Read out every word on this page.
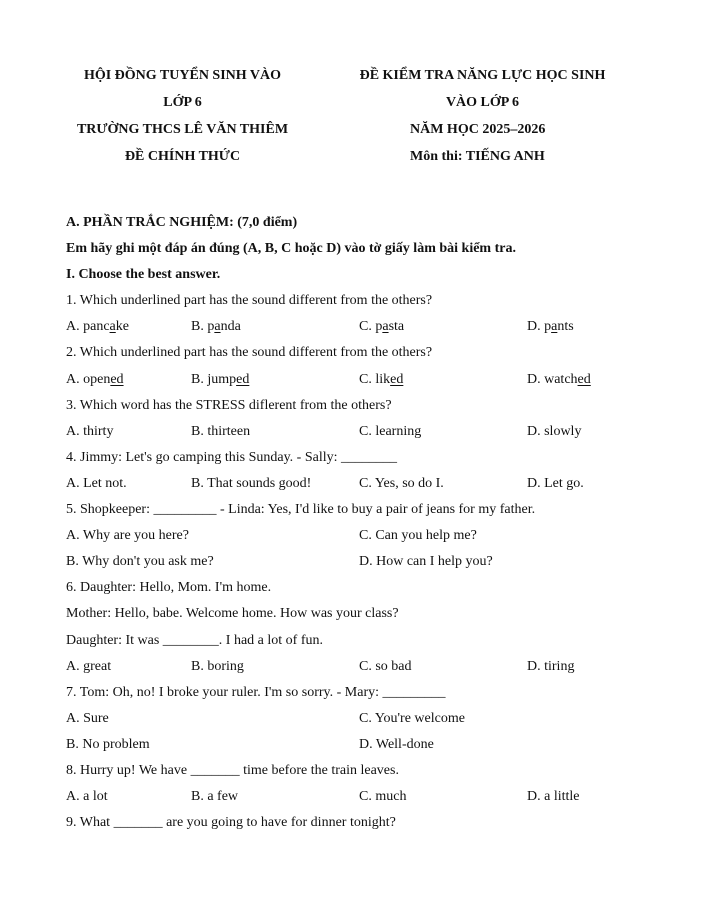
HỘI ĐỒNG TUYỂN SINH VÀO
LỚP 6
TRƯỜNG THCS LÊ VĂN THIÊM
ĐỀ CHÍNH THỨC
ĐỀ KIỂM TRA NĂNG LỰC HỌC SINH
VÀO LỚP 6
NĂM HỌC 2025–2026
Môn thi: TIẾNG ANH
A. PHẦN TRẮC NGHIỆM: (7,0 điểm)
Em hãy ghi một đáp án đúng (A, B, C hoặc D) vào tờ giấy làm bài kiểm tra.
I. Choose the best answer.
1. Which underlined part has the sound different from the others?
A. pancake	B. panda	C. pasta	D. pants
2. Which underlined part has the sound different from the others?
A. opened	B. jumped	C. liked	D. watched
3. Which word has the STRESS diflerent from the others?
A. thirty	B. thirteen	C. learning	D. slowly
4. Jimmy: Let's go camping this Sunday. - Sally: ________
A. Let not.	B. That sounds good!	C. Yes, so do I.	D. Let go.
5. Shopkeeper: _________ - Linda: Yes, I'd like to buy a pair of jeans for my father.
A. Why are you here?	C. Can you help me?
B. Why don't you ask me?	D. How can I help you?
6. Daughter: Hello, Mom. I'm home.
Mother: Hello, babe. Welcome home. How was your class?
Daughter: It was ________. I had a lot of fun.
A. great	B. boring	C. so bad	D. tiring
7. Tom: Oh, no! I broke your ruler. I'm so sorry. - Mary: _________
A. Sure	C. You're welcome
B. No problem	D. Well-done
8. Hurry up! We have _______ time before the train leaves.
A. a lot	B. a few	C. much	D. a little
9. What _______ are you going to have for dinner tonight?
